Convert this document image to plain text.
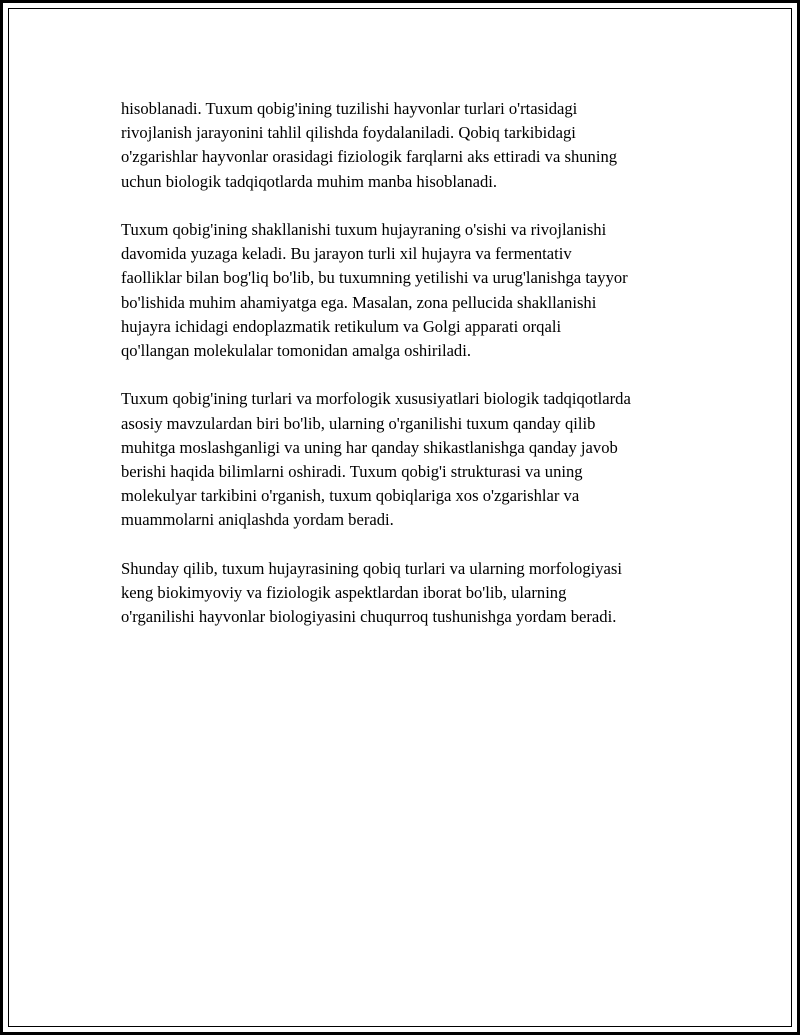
hisoblanadi. Tuxum qobig'ining tuzilishi hayvonlar turlari o'rtasidagi
rivojlanish jarayonini tahlil qilishda foydalaniladi. Qobiq tarkibidagi
o'zgarishlar hayvonlar orasidagi fiziologik farqlarni aks ettiradi va shuning
uchun biologik tadqiqotlarda muhim manba hisoblanadi.

Tuxum qobig'ining shakllanishi tuxum hujayraning o'sishi va rivojlanishi
davomida yuzaga keladi. Bu jarayon turli xil hujayra va fermentativ
faolliklar bilan bog'liq bo'lib, bu tuxumning yetilishi va urug'lanishga tayyor
bo'lishida muhim ahamiyatga ega. Masalan, zona pellucida shakllanishi
hujayra ichidagi endoplazmatik retikulum va Golgi apparati orqali
qo'llangan molekulalar tomonidan amalga oshiriladi.

Tuxum qobig'ining turlari va morfologik xususiyatlari biologik tadqiqotlarda
asosiy mavzulardan biri bo'lib, ularning o'rganilishi tuxum qanday qilib
muhitga moslashganligi va uning har qanday shikastlanishga qanday javob
berishi haqida bilimlarni oshiradi. Tuxum qobig'i strukturasi va uning
molekulyar tarkibini o'rganish, tuxum qobiqlariga xos o'zgarishlar va
muammolarni aniqlashda yordam beradi.

Shunday qilib, tuxum hujayrasining qobiq turlari va ularning morfologiyasi
keng biokimyoviy va fiziologik aspektlardan iborat bo'lib, ularning
o'rganilishi hayvonlar biologiyasini chuqurroq tushunishga yordam beradi.
